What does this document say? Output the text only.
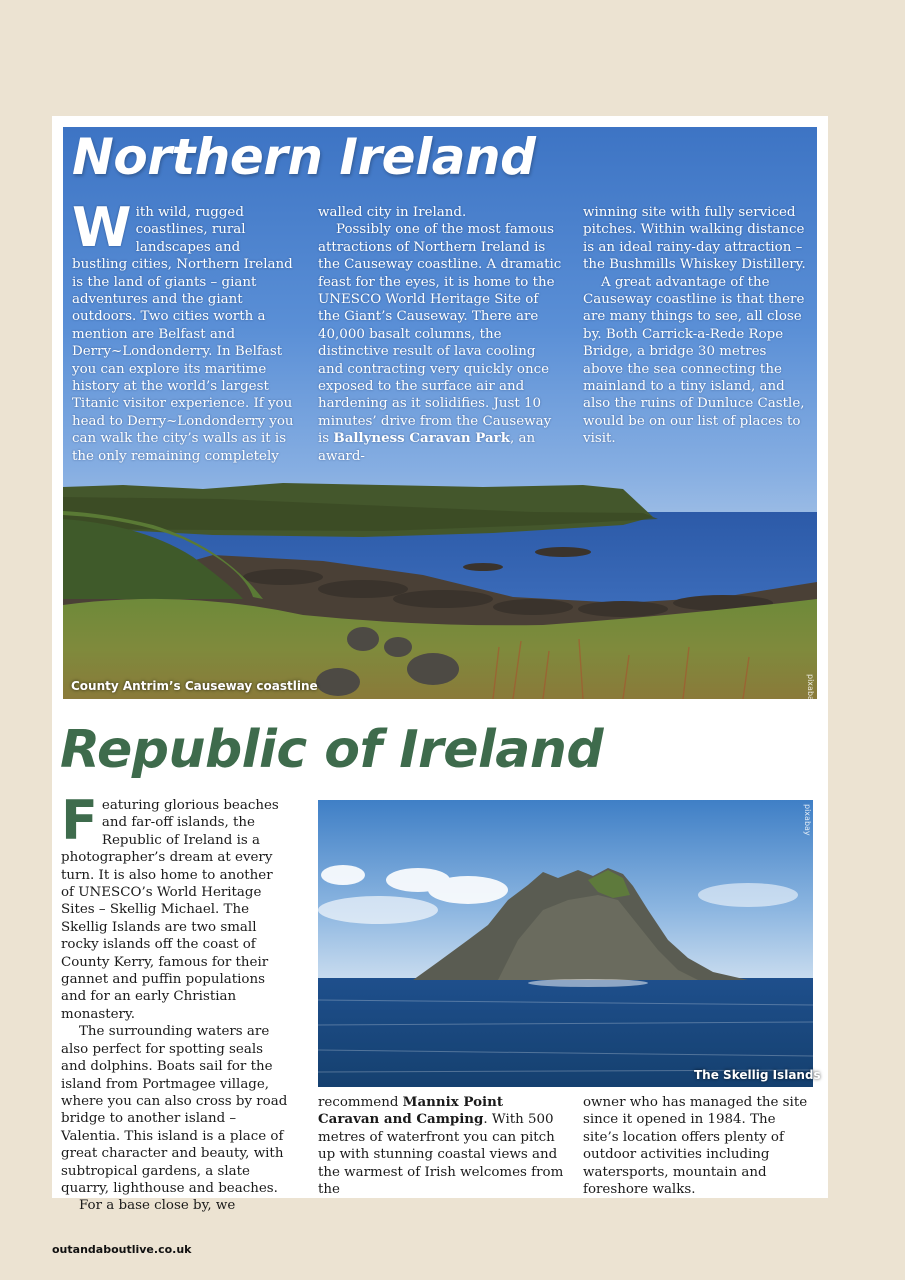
Northern Ireland

With wild, rugged coastlines, rural landscapes and bustling cities, Northern Ireland is the land of giants – giant adventures and the giant outdoors. Two cities worth a mention are Belfast and Derry~Londonderry. In Belfast you can explore its maritime history at the world’s largest Titanic visitor experience. If you head to Derry~Londonderry you can walk the city’s walls as it is the only remaining completely

walled city in Ireland.

Possibly one of the most famous attractions of Northern Ireland is the Causeway coastline. A dramatic feast for the eyes, it is home to the UNESCO World Heritage Site of the Giant’s Causeway. There are 40,000 basalt columns, the distinctive result of lava cooling and contracting very quickly once exposed to the surface air and hardening as it solidifies. Just 10 minutes’ drive from the Causeway is Ballyness Caravan Park, an award-

winning site with fully serviced pitches. Within walking distance is an ideal rainy-day attraction – the Bushmills Whiskey Distillery.

A great advantage of the Causeway coastline is that there are many things to see, all close by. Both Carrick-a-Rede Rope Bridge, a bridge 30 metres above the sea connecting the mainland to a tiny island, and also the ruins of Dunluce Castle, would be on our list of places to visit.

County Antrim’s Causeway coastline	pixabay
Republic of Ireland

Featuring glorious beaches and far-off islands, the Republic of Ireland is a photographer’s dream at every turn. It is also home to another of UNESCO’s World Heritage Sites – Skellig Michael. The Skellig Islands are two small rocky islands off the coast of County Kerry, famous for their gannet and puffin populations and for an early Christian monastery.

The surrounding waters are also perfect for spotting seals and dolphins. Boats sail for the island from Portmagee village, where you can also cross by road bridge to another island – Valentia. This island is a place of great character and beauty, with subtropical gardens, a slate quarry, lighthouse and beaches.

For a base close by, we

The Skellig Islands
pixabay

recommend Mannix Point Caravan and Camping. With 500 metres of waterfront you can pitch up with stunning coastal views and the warmest of Irish welcomes from the

owner who has managed the site since it opened in 1984. The site’s location offers plenty of outdoor activities including watersports, mountain and foreshore walks.

outandaboutlive.co.uk
